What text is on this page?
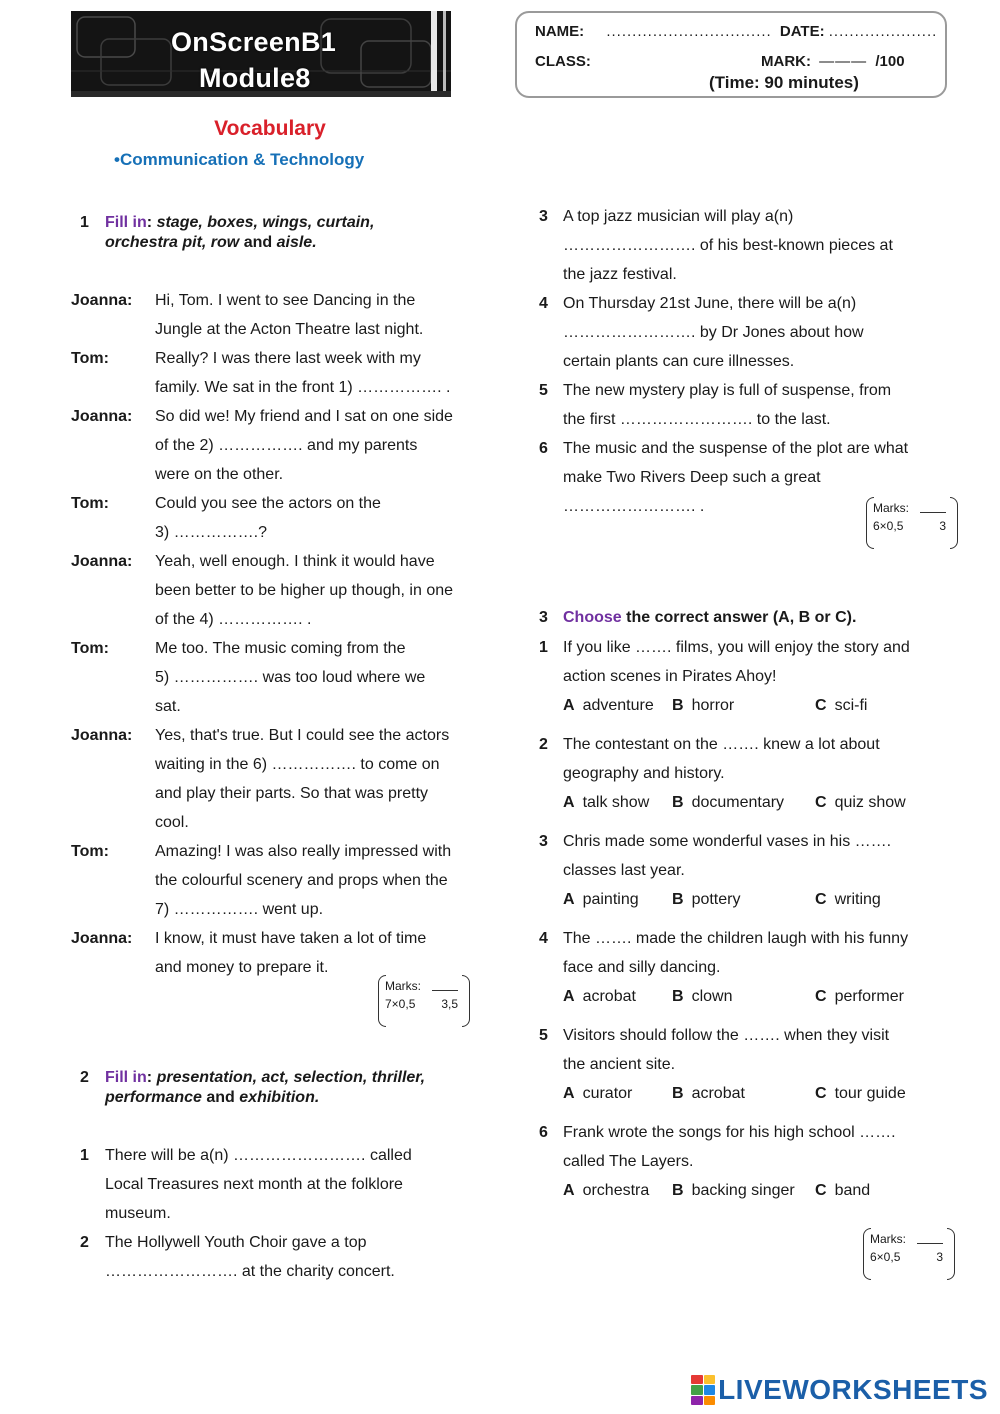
OnScreenB1
Module8
NAME: ................................ DATE: .....................
CLASS:	MARK: ——— /100
(Time: 90 minutes)
Vocabulary
•Communication & Technology
1 Fill in: stage, boxes, wings, curtain,
orchestra pit, row and aisle.
Joanna: Hi, Tom. I went to see Dancing in the
Jungle at the Acton Theatre last night.
Tom:	Really? I was there last week with my
family. We sat in the front 1) ……………. .
Joanna: So did we! My friend and I sat on one side
of the 2) ……………. and my parents
were on the other.
Tom:	Could you see the actors on the
3) …………….?
Joanna: Yeah, well enough. I think it would have
been better to be higher up though, in one
of the 4) ……………. .
Tom:	Me too. The music coming from the
5) ……………. was too loud where we
sat.
Joanna: Yes, that's true. But I could see the actors
waiting in the 6) ……………. to come on
and play their parts. So that was pretty
cool.
Tom:	Amazing! I was also really impressed with
the colourful scenery and props when the
7) ……………. went up.
Joanna: I know, it must have taken a lot of time
and money to prepare it.
Marks:
7×0,5 3,5
2 Fill in: presentation, act, selection, thriller,
performance and exhibition.
1 There will be a(n) ……………………. called
Local Treasures next month at the folklore
museum.
2 The Hollywell Youth Choir gave a top
……………………. at the charity concert.
3 A top jazz musician will play a(n)
……………………. of his best-known pieces at
the jazz festival.
4 On Thursday 21st June, there will be a(n)
……………………. by Dr Jones about how
certain plants can cure illnesses.
5 The new mystery play is full of suspense, from
the first ……………………. to the last.
6 The music and the suspense of the plot are what
make Two Rivers Deep such a great
……………………. .	Marks:
6×0,5	3
3 Choose the correct answer (A, B or C).
1 If you like ……. films, you will enjoy the story and
action scenes in Pirates Ahoy!
A adventure B horror	C sci-fi
2 The contestant on the ……. knew a lot about
geography and history.
A talk show B documentary C quiz show
3 Chris made some wonderful vases in his …….
classes last year.
A painting B pottery	C writing
4 The ……. made the children laugh with his funny
face and silly dancing.
A acrobat B clown	C performer
5 Visitors should follow the ……. when they visit
the ancient site.
A curator B acrobat	C tour guide
6 Frank wrote the songs for his high school …….
called The Layers.
A orchestra B backing singer C band
Marks:
6×0,5	3
LIVEWORKSHEETS
